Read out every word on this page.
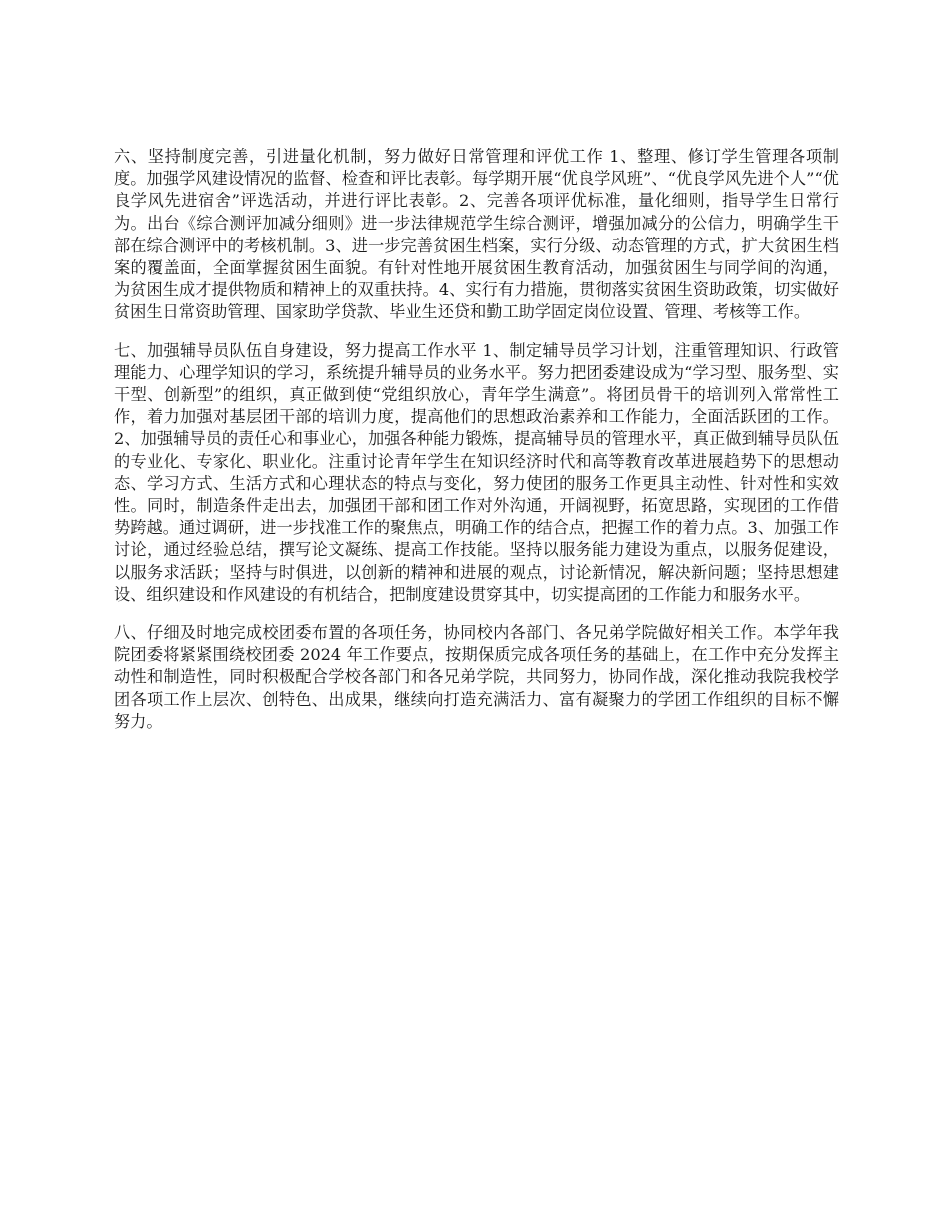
六、坚持制度完善，引进量化机制，努力做好日常管理和评优工作 1、整理、修订学生管理各项制度。加强学风建设情况的监督、检查和评比表彰。每学期开展“优良学风班”、“优良学风先进个人”“优良学风先进宿舍”评选活动，并进行评比表彰。2、完善各项评优标准，量化细则，指导学生日常行为。出台《综合测评加减分细则》进一步法律规范学生综合测评，增强加减分的公信力，明确学生干部在综合测评中的考核机制。3、进一步完善贫困生档案，实行分级、动态管理的方式，扩大贫困生档案的覆盖面，全面掌握贫困生面貌。有针对性地开展贫困生教育活动，加强贫困生与同学间的沟通，为贫困生成才提供物质和精神上的双重扶持。4、实行有力措施，贯彻落实贫困生资助政策，切实做好贫困生日常资助管理、国家助学贷款、毕业生还贷和勤工助学固定岗位设置、管理、考核等工作。

七、加强辅导员队伍自身建设，努力提高工作水平 1、制定辅导员学习计划，注重管理知识、行政管理能力、心理学知识的学习，系统提升辅导员的业务水平。努力把团委建设成为“学习型、服务型、实干型、创新型”的组织，真正做到使“党组织放心，青年学生满意”。将团员骨干的培训列入常常性工作，着力加强对基层团干部的培训力度，提高他们的思想政治素养和工作能力，全面活跃团的工作。2、加强辅导员的责任心和事业心，加强各种能力锻炼，提高辅导员的管理水平，真正做到辅导员队伍的专业化、专家化、职业化。注重讨论青年学生在知识经济时代和高等教育改革进展趋势下的思想动态、学习方式、生活方式和心理状态的特点与变化，努力使团的服务工作更具主动性、针对性和实效性。同时，制造条件走出去，加强团干部和团工作对外沟通，开阔视野，拓宽思路，实现团的工作借势跨越。通过调研，进一步找准工作的聚焦点，明确工作的结合点，把握工作的着力点。3、加强工作讨论，通过经验总结，撰写论文凝练、提高工作技能。坚持以服务能力建设为重点，以服务促建设，以服务求活跃；坚持与时俱进，以创新的精神和进展的观点，讨论新情况，解决新问题；坚持思想建设、组织建设和作风建设的有机结合，把制度建设贯穿其中，切实提高团的工作能力和服务水平。

八、仔细及时地完成校团委布置的各项任务，协同校内各部门、各兄弟学院做好相关工作。本学年我院团委将紧紧围绕校团委 2024 年工作要点，按期保质完成各项任务的基础上，在工作中充分发挥主动性和制造性，同时积极配合学校各部门和各兄弟学院，共同努力，协同作战，深化推动我院我校学团各项工作上层次、创特色、出成果，继续向打造充满活力、富有凝聚力的学团工作组织的目标不懈努力。
